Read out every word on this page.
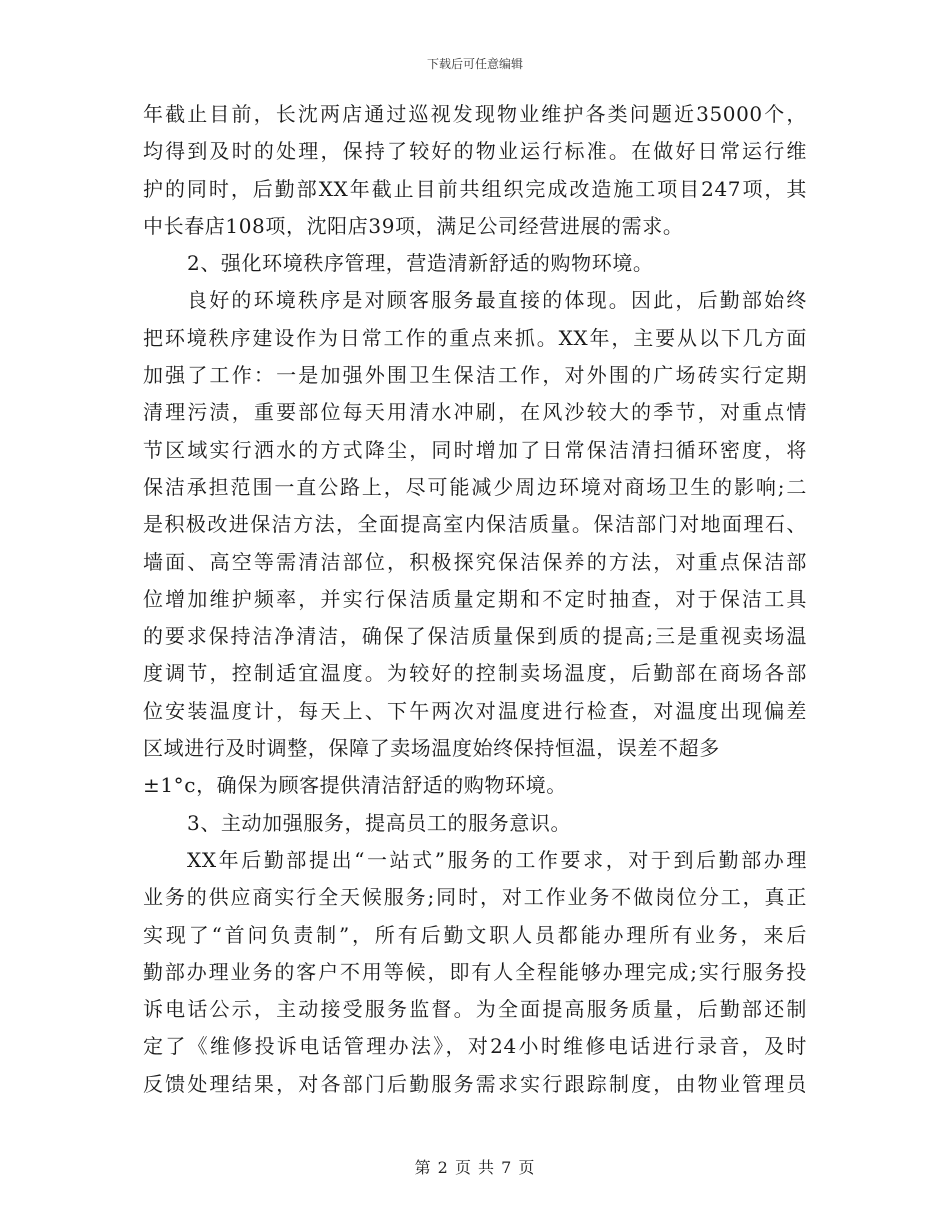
下载后可任意编辑
年截止目前，长沈两店通过巡视发现物业维护各类问题近35000个，
均得到及时的处理，保持了较好的物业运行标准。在做好日常运行维
护的同时，后勤部XX年截止目前共组织完成改造施工项目247项，其
中长春店108项，沈阳店39项，满足公司经营进展的需求。
2、强化环境秩序管理，营造清新舒适的购物环境。
良好的环境秩序是对顾客服务最直接的体现。因此，后勤部始终
把环境秩序建设作为日常工作的重点来抓。XX年，主要从以下几方面
加强了工作：一是加强外围卫生保洁工作，对外围的广场砖实行定期
清理污渍，重要部位每天用清水冲刷，在风沙较大的季节，对重点情
节区域实行洒水的方式降尘，同时增加了日常保洁清扫循环密度，将
保洁承担范围一直公路上，尽可能减少周边环境对商场卫生的影响;二
是积极改进保洁方法，全面提高室内保洁质量。保洁部门对地面理石、
墙面、高空等需清洁部位，积极探究保洁保养的方法，对重点保洁部
位增加维护频率，并实行保洁质量定期和不定时抽查，对于保洁工具
的要求保持洁净清洁，确保了保洁质量保到质的提高;三是重视卖场温
度调节，控制适宜温度。为较好的控制卖场温度，后勤部在商场各部
位安装温度计，每天上、下午两次对温度进行检查，对温度出现偏差
区域进行及时调整，保障了卖场温度始终保持恒温，误差不超多
±1°c，确保为顾客提供清洁舒适的购物环境。
3、主动加强服务，提高员工的服务意识。
XX年后勤部提出“一站式”服务的工作要求，对于到后勤部办理
业务的供应商实行全天候服务;同时，对工作业务不做岗位分工，真正
实现了“首问负责制”，所有后勤文职人员都能办理所有业务，来后
勤部办理业务的客户不用等候，即有人全程能够办理完成;实行服务投
诉电话公示，主动接受服务监督。为全面提高服务质量，后勤部还制
定了《维修投诉电话管理办法》，对24小时维修电话进行录音，及时
反馈处理结果，对各部门后勤服务需求实行跟踪制度，由物业管理员
第 2 页 共 7 页
